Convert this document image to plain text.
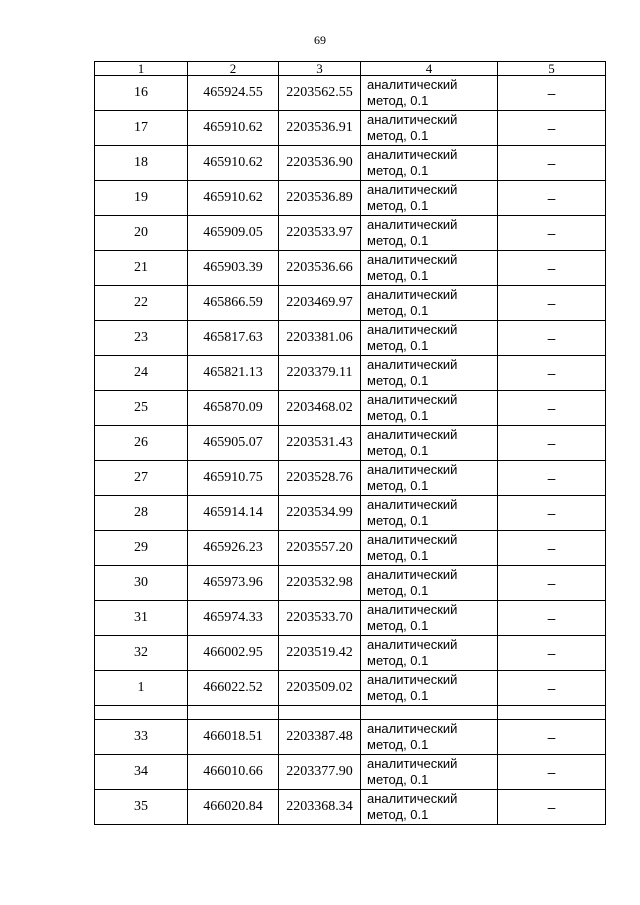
69
1	2	3	4	5
16	465924.55	2203562.55	аналитический
метод, 0.1	–
17	465910.62	2203536.91	аналитический
метод, 0.1	–
18	465910.62	2203536.90	аналитический
метод, 0.1	–
19	465910.62	2203536.89	аналитический
метод, 0.1	–
20	465909.05	2203533.97	аналитический
метод, 0.1	–
21	465903.39	2203536.66	аналитический
метод, 0.1	–
22	465866.59	2203469.97	аналитический
метод, 0.1	–
23	465817.63	2203381.06	аналитический
метод, 0.1	–
24	465821.13	2203379.11	аналитический
метод, 0.1	–
25	465870.09	2203468.02	аналитический
метод, 0.1	–
26	465905.07	2203531.43	аналитический
метод, 0.1	–
27	465910.75	2203528.76	аналитический
метод, 0.1	–
28	465914.14	2203534.99	аналитический
метод, 0.1	–
29	465926.23	2203557.20	аналитический
метод, 0.1	–
30	465973.96	2203532.98	аналитический
метод, 0.1	–
31	465974.33	2203533.70	аналитический
метод, 0.1	–
32	466002.95	2203519.42	аналитический
метод, 0.1	–
1	466022.52	2203509.02	аналитический
метод, 0.1	–

33	466018.51	2203387.48	аналитический
метод, 0.1	–
34	466010.66	2203377.90	аналитический
метод, 0.1	–
35	466020.84	2203368.34	аналитический
метод, 0.1	–
